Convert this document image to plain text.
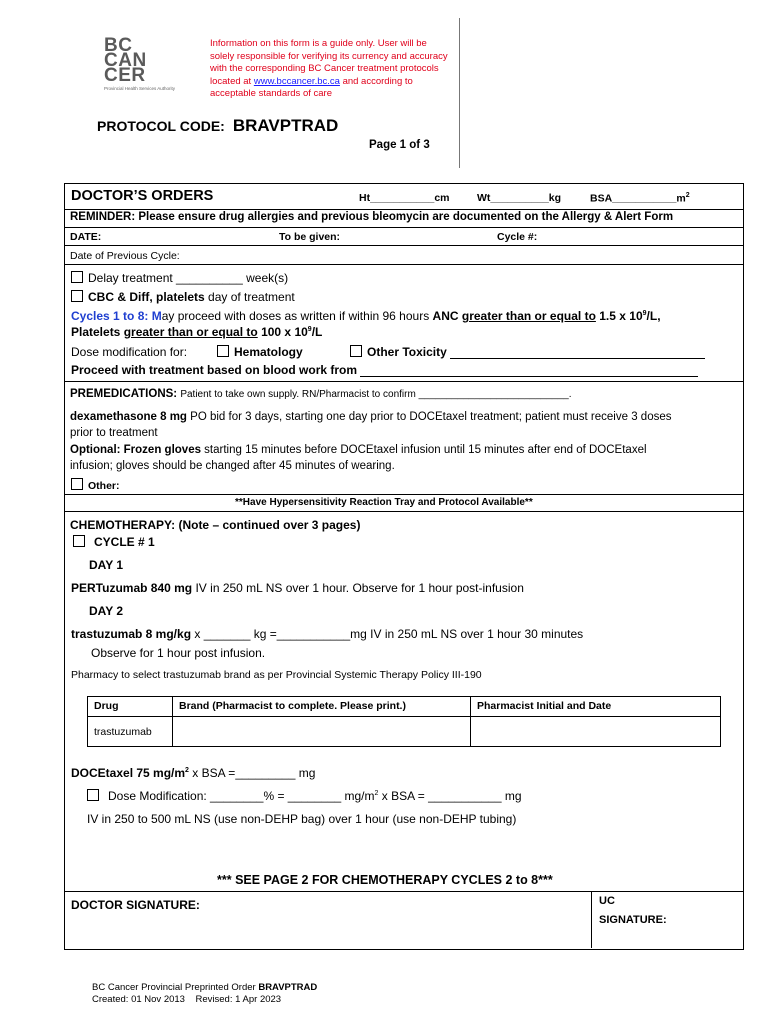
BC
CAN
CER
Provincial Health Services Authority
Information on this form is a guide only. User will be solely responsible for verifying its currency and accuracy with the corresponding BC Cancer treatment protocols located at www.bccancer.bc.ca and according to acceptable standards of care
PROTOCOL CODE: BRAVPTRAD
Page 1 of 3
DOCTOR’S ORDERS	Ht___________cm	Wt__________kg	$BSA\_\_\_\_\_\_\_\_\_\_\_m^2$
REMINDER: Please ensure drug allergies and previous bleomycin are documented on the Allergy & Alert Form
DATE:	To be given:	Cycle #:
Date of Previous Cycle:
Delay treatment __________ week(s)
CBC & Diff, platelets day of treatment
Cycles 1 to 8: May proceed with doses as written if within 96 hours ANC greater than or equal to 1.5 x $10^9/L$,
Platelets greater than or equal to 100 x $10^9/L$
Dose modification for:	Hematology	Other Toxicity
Proceed with treatment based on blood work from
PREMEDICATIONS: Patient to take own supply. RN/Pharmacist to confirm ___________________________.
dexamethasone 8 mg PO bid for 3 days, starting one day prior to DOCEtaxel treatment; patient must receive 3 doses
prior to treatment
Optional: Frozen gloves starting 15 minutes before DOCEtaxel infusion until 15 minutes after end of DOCEtaxel
infusion; gloves should be changed after 45 minutes of wearing.
Other:
**Have Hypersensitivity Reaction Tray and Protocol Available**
CHEMOTHERAPY: (Note – continued over 3 pages)
CYCLE # 1
DAY 1
PERTuzumab 840 mg IV in 250 mL NS over 1 hour. Observe for 1 hour post-infusion
DAY 2
trastuzumab 8 mg/kg x _______ kg =___________mg IV in 250 mL NS over 1 hour 30 minutes
Observe for 1 hour post infusion.
Pharmacy to select trastuzumab brand as per Provincial Systemic Therapy Policy III-190
Drug	Brand (Pharmacist to complete. Please print.)	Pharmacist Initial and Date
trastuzumab		
DOCEtaxel 75 $mg/m^2$ x BSA =_________ mg
Dose Modification: ________% = ________ $mg/m^2$ x BSA = ___________ mg
IV in 250 to 500 mL NS (use non-DEHP bag) over 1 hour (use non-DEHP tubing)
*** SEE PAGE 2 FOR CHEMOTHERAPY CYCLES 2 to 8***
DOCTOR SIGNATURE:	UC
SIGNATURE:
BC Cancer Provincial Preprinted Order BRAVPTRAD
Created: 01 Nov 2013 Revised: 1 Apr 2023
